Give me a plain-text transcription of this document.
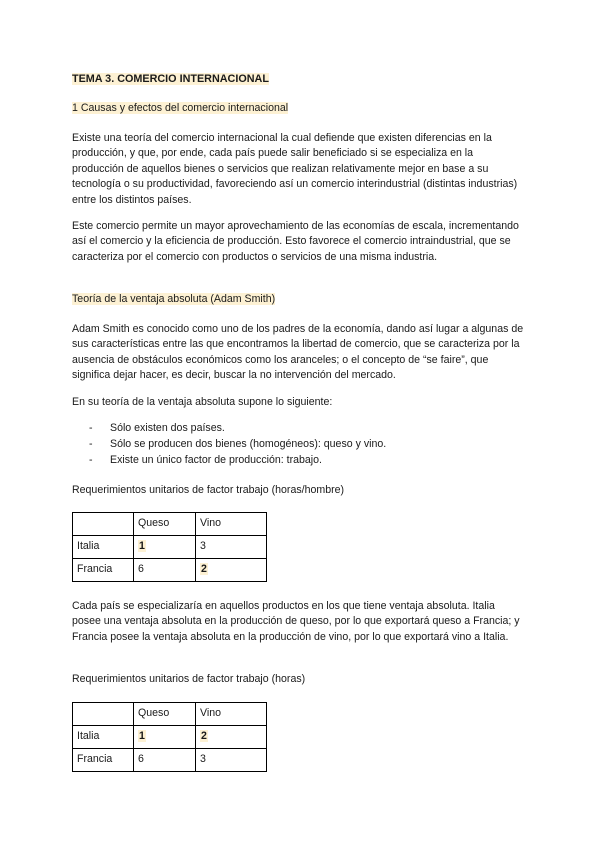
TEMA 3. COMERCIO INTERNACIONAL
1 Causas y efectos del comercio internacional
Existe una teoría del comercio internacional la cual defiende que existen diferencias en la producción, y que, por ende, cada país puede salir beneficiado si se especializa en la producción de aquellos bienes o servicios que realizan relativamente mejor en base a su tecnología o su productividad, favoreciendo así un comercio interindustrial (distintas industrias) entre los distintos países.
Este comercio permite un mayor aprovechamiento de las economías de escala, incrementando así el comercio y la eficiencia de producción. Esto favorece el comercio intraindustrial, que se caracteriza por el comercio con productos o servicios de una misma industria.
Teoría de la ventaja absoluta (Adam Smith)
Adam Smith es conocido como uno de los padres de la economía, dando así lugar a algunas de sus características entre las que encontramos la libertad de comercio, que se caracteriza por la ausencia de obstáculos económicos como los aranceles; o el concepto de “se faire”, que significa dejar hacer, es decir, buscar la no intervención del mercado.
En su teoría de la ventaja absoluta supone lo siguiente:
- Sólo existen dos países.
- Sólo se producen dos bienes (homogéneos): queso y vino.
- Existe un único factor de producción: trabajo.
Requerimientos unitarios de factor trabajo (horas/hombre)
	Queso	Vino
Italia	1	3
Francia	6	2
Cada país se especializaría en aquellos productos en los que tiene ventaja absoluta. Italia posee una ventaja absoluta en la producción de queso, por lo que exportará queso a Francia; y Francia posee la ventaja absoluta en la producción de vino, por lo que exportará vino a Italia.
Requerimientos unitarios de factor trabajo (horas)
	Queso	Vino
Italia	1	2
Francia	6	3
